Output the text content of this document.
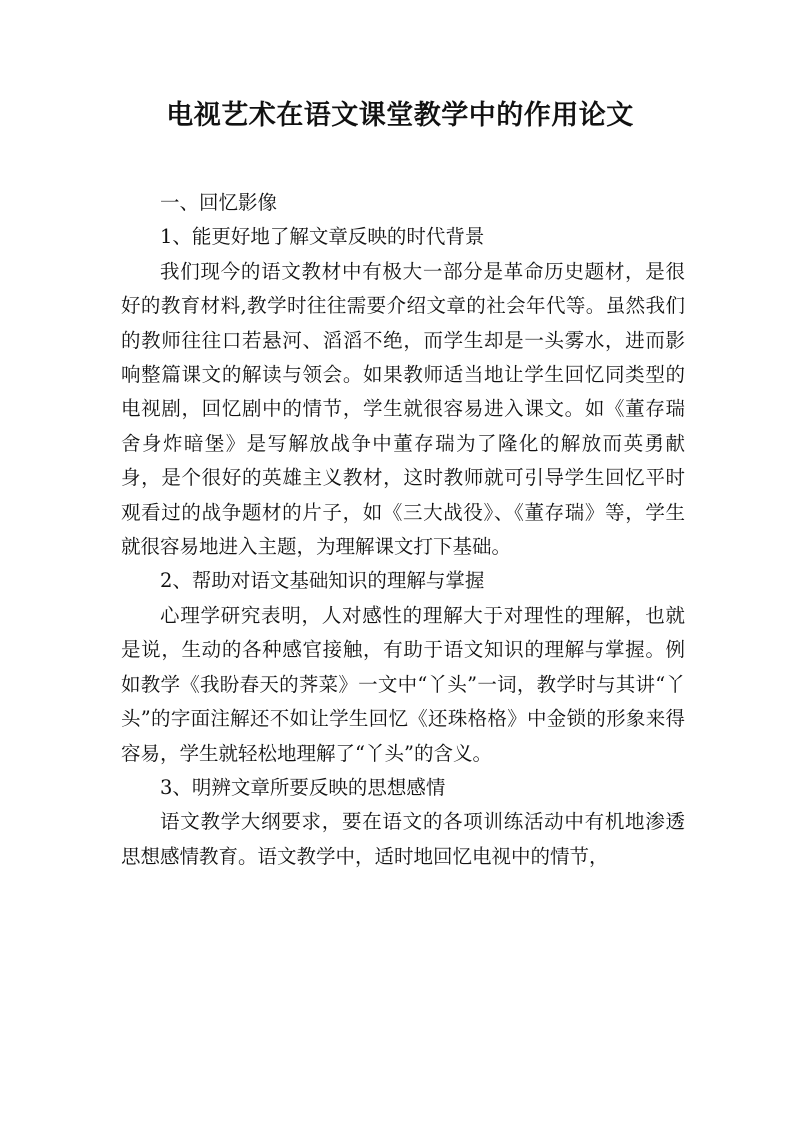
电视艺术在语文课堂教学中的作用论文

一、回忆影像

1、能更好地了解文章反映的时代背景

我们现今的语文教材中有极大一部分是革命历史题材，是很好的教育材料,教学时往往需要介绍文章的社会年代等。虽然我们的教师往往口若悬河、滔滔不绝，而学生却是一头雾水，进而影响整篇课文的解读与领会。如果教师适当地让学生回忆同类型的电视剧，回忆剧中的情节，学生就很容易进入课文。如《董存瑞舍身炸暗堡》是写解放战争中董存瑞为了隆化的解放而英勇献身，是个很好的英雄主义教材，这时教师就可引导学生回忆平时观看过的战争题材的片子，如《三大战役》、《董存瑞》等，学生就很容易地进入主题，为理解课文打下基础。

2、帮助对语文基础知识的理解与掌握

心理学研究表明，人对感性的理解大于对理性的理解，也就是说，生动的各种感官接触，有助于语文知识的理解与掌握。例如教学《我盼春天的荠菜》一文中“丫头”一词，教学时与其讲“丫头”的字面注解还不如让学生回忆《还珠格格》中金锁的形象来得容易，学生就轻松地理解了“丫头”的含义。

3、明辨文章所要反映的思想感情

语文教学大纲要求，要在语文的各项训练活动中有机地渗透思想感情教育。语文教学中，适时地回忆电视中的情节，
